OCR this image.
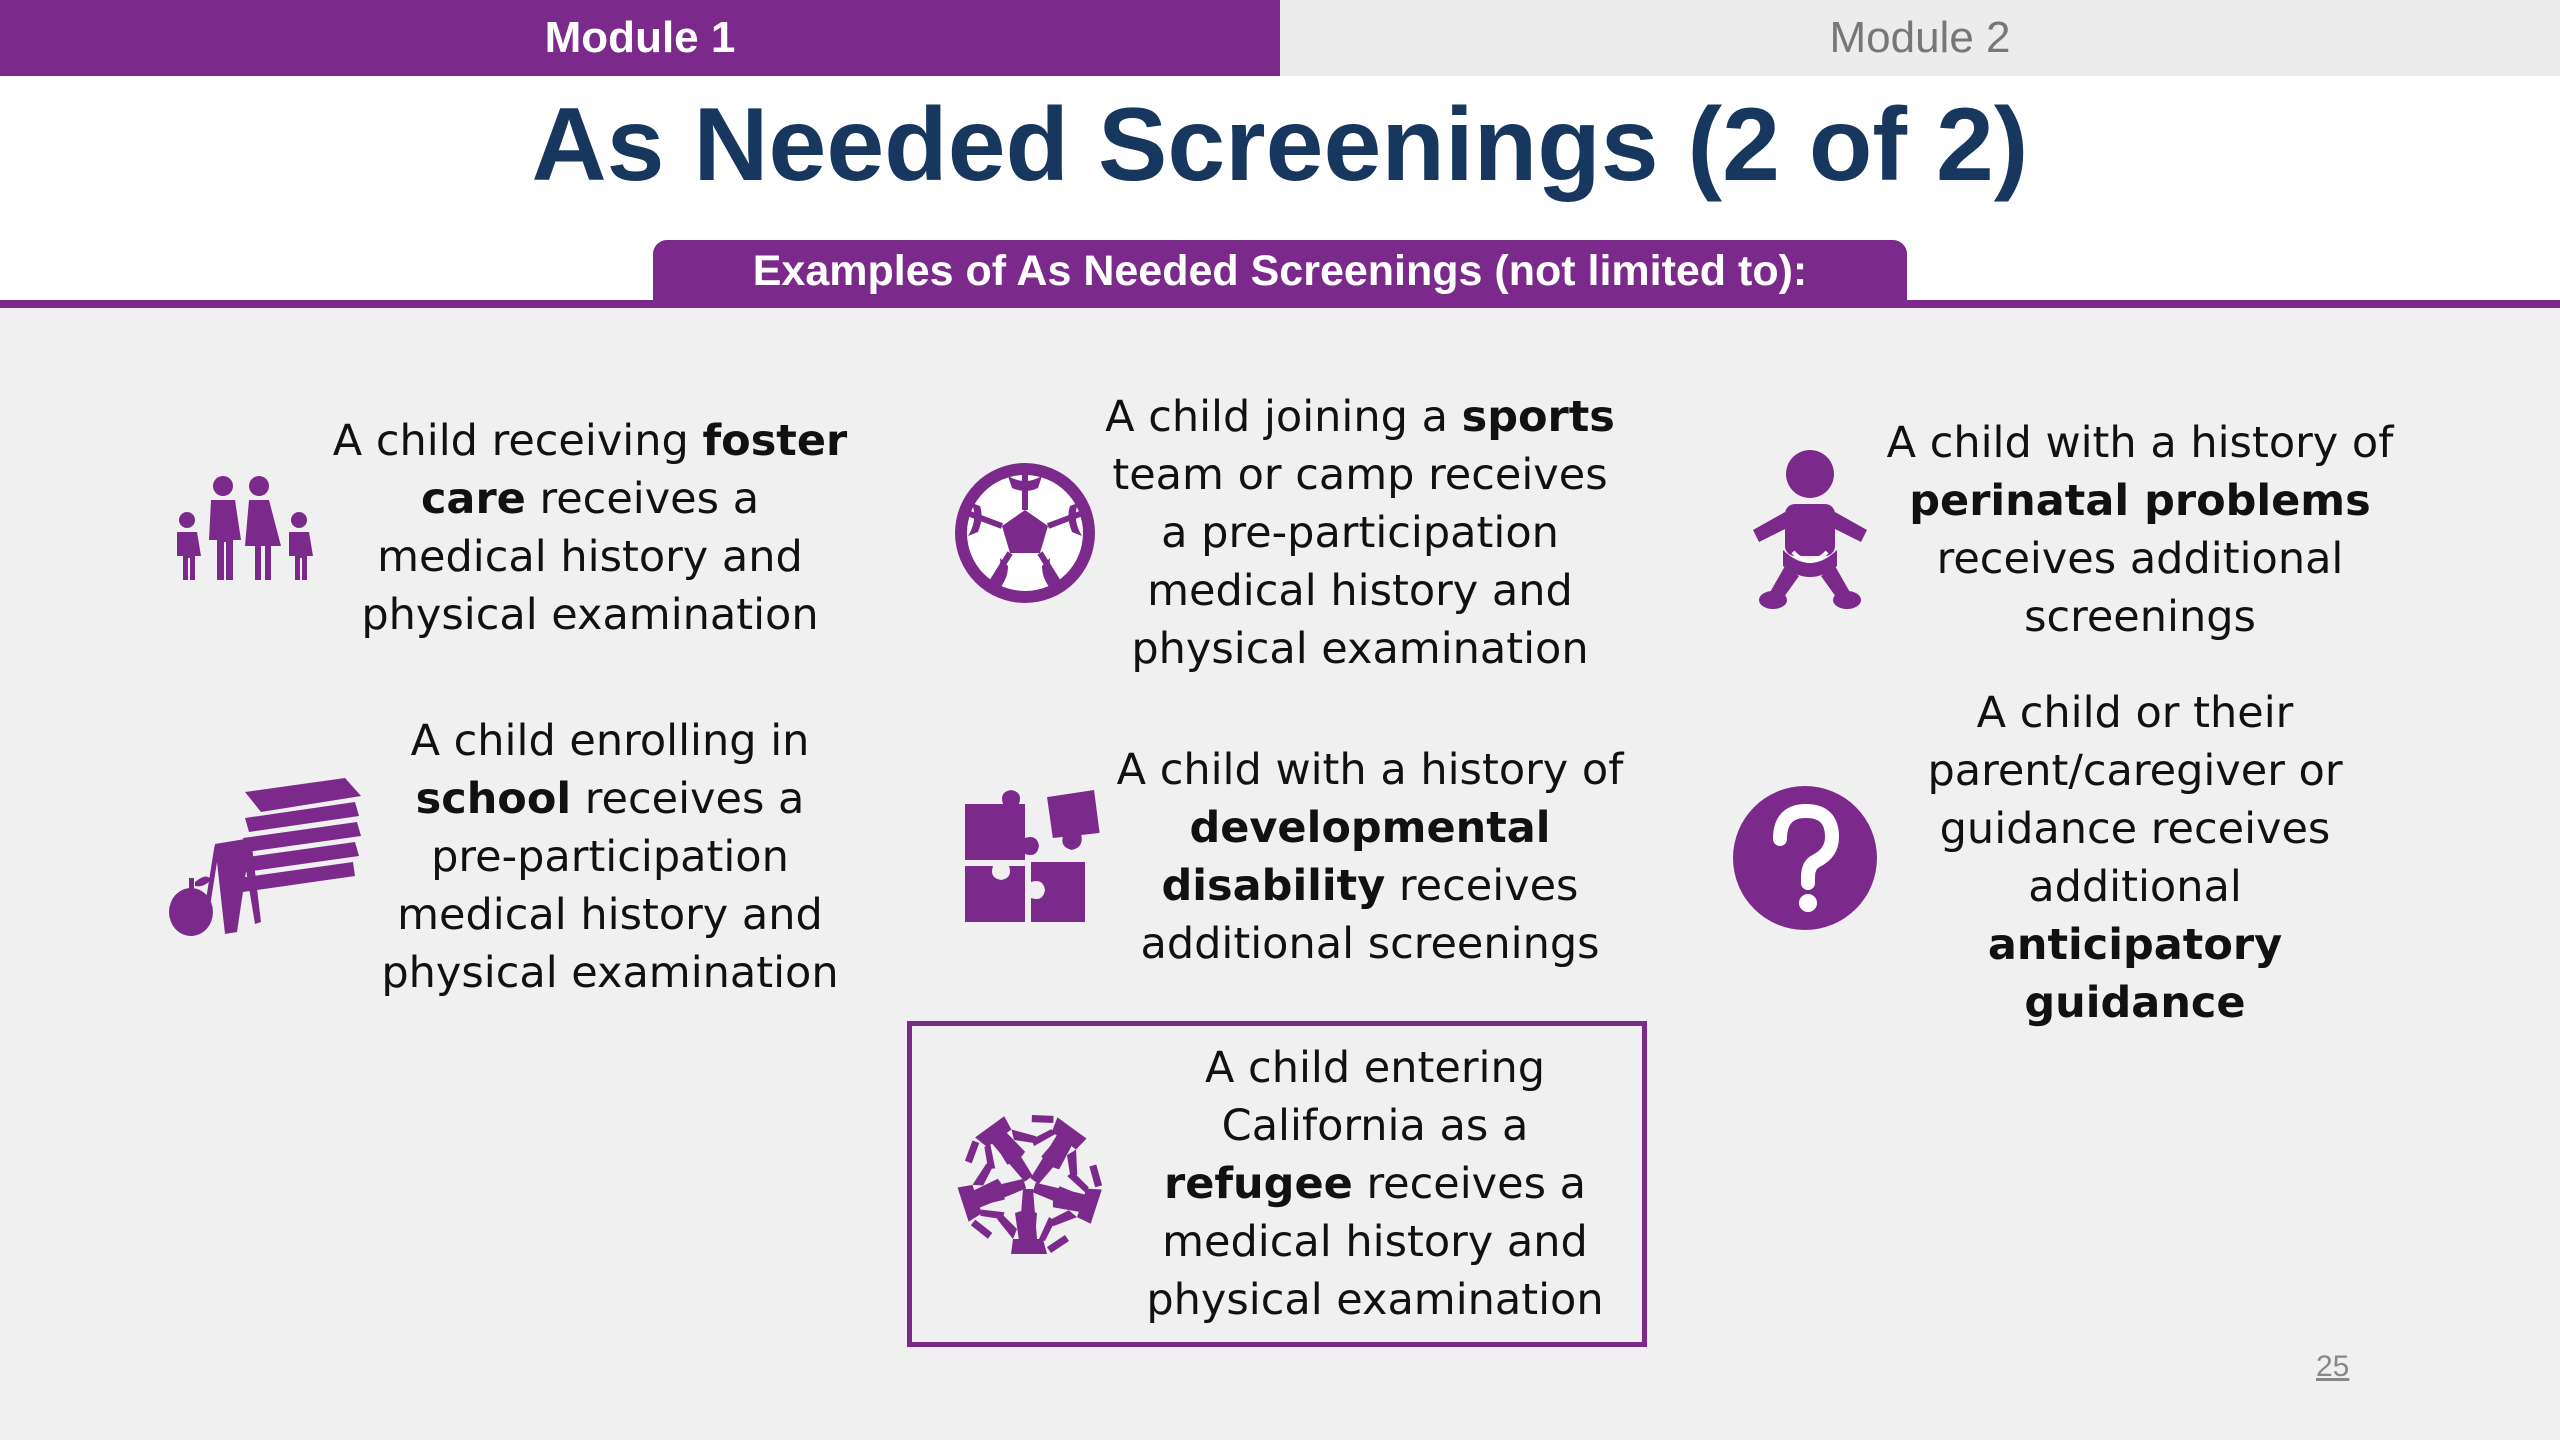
Module 1	Module 2
As Needed Screenings (2 of 2)
Examples of As Needed Screenings (not limited to):
A child receiving foster care receives a medical history and physical examination
A child joining a sports team or camp receives a pre-participation medical history and physical examination
A child with a history of perinatal problems receives additional screenings
A child enrolling in school receives a pre-participation medical history and physical examination
A child with a history of developmental disability receives additional screenings
A child or their parent/caregiver or guidance receives additional anticipatory guidance
A child entering California as a refugee receives a medical history and physical examination
25
